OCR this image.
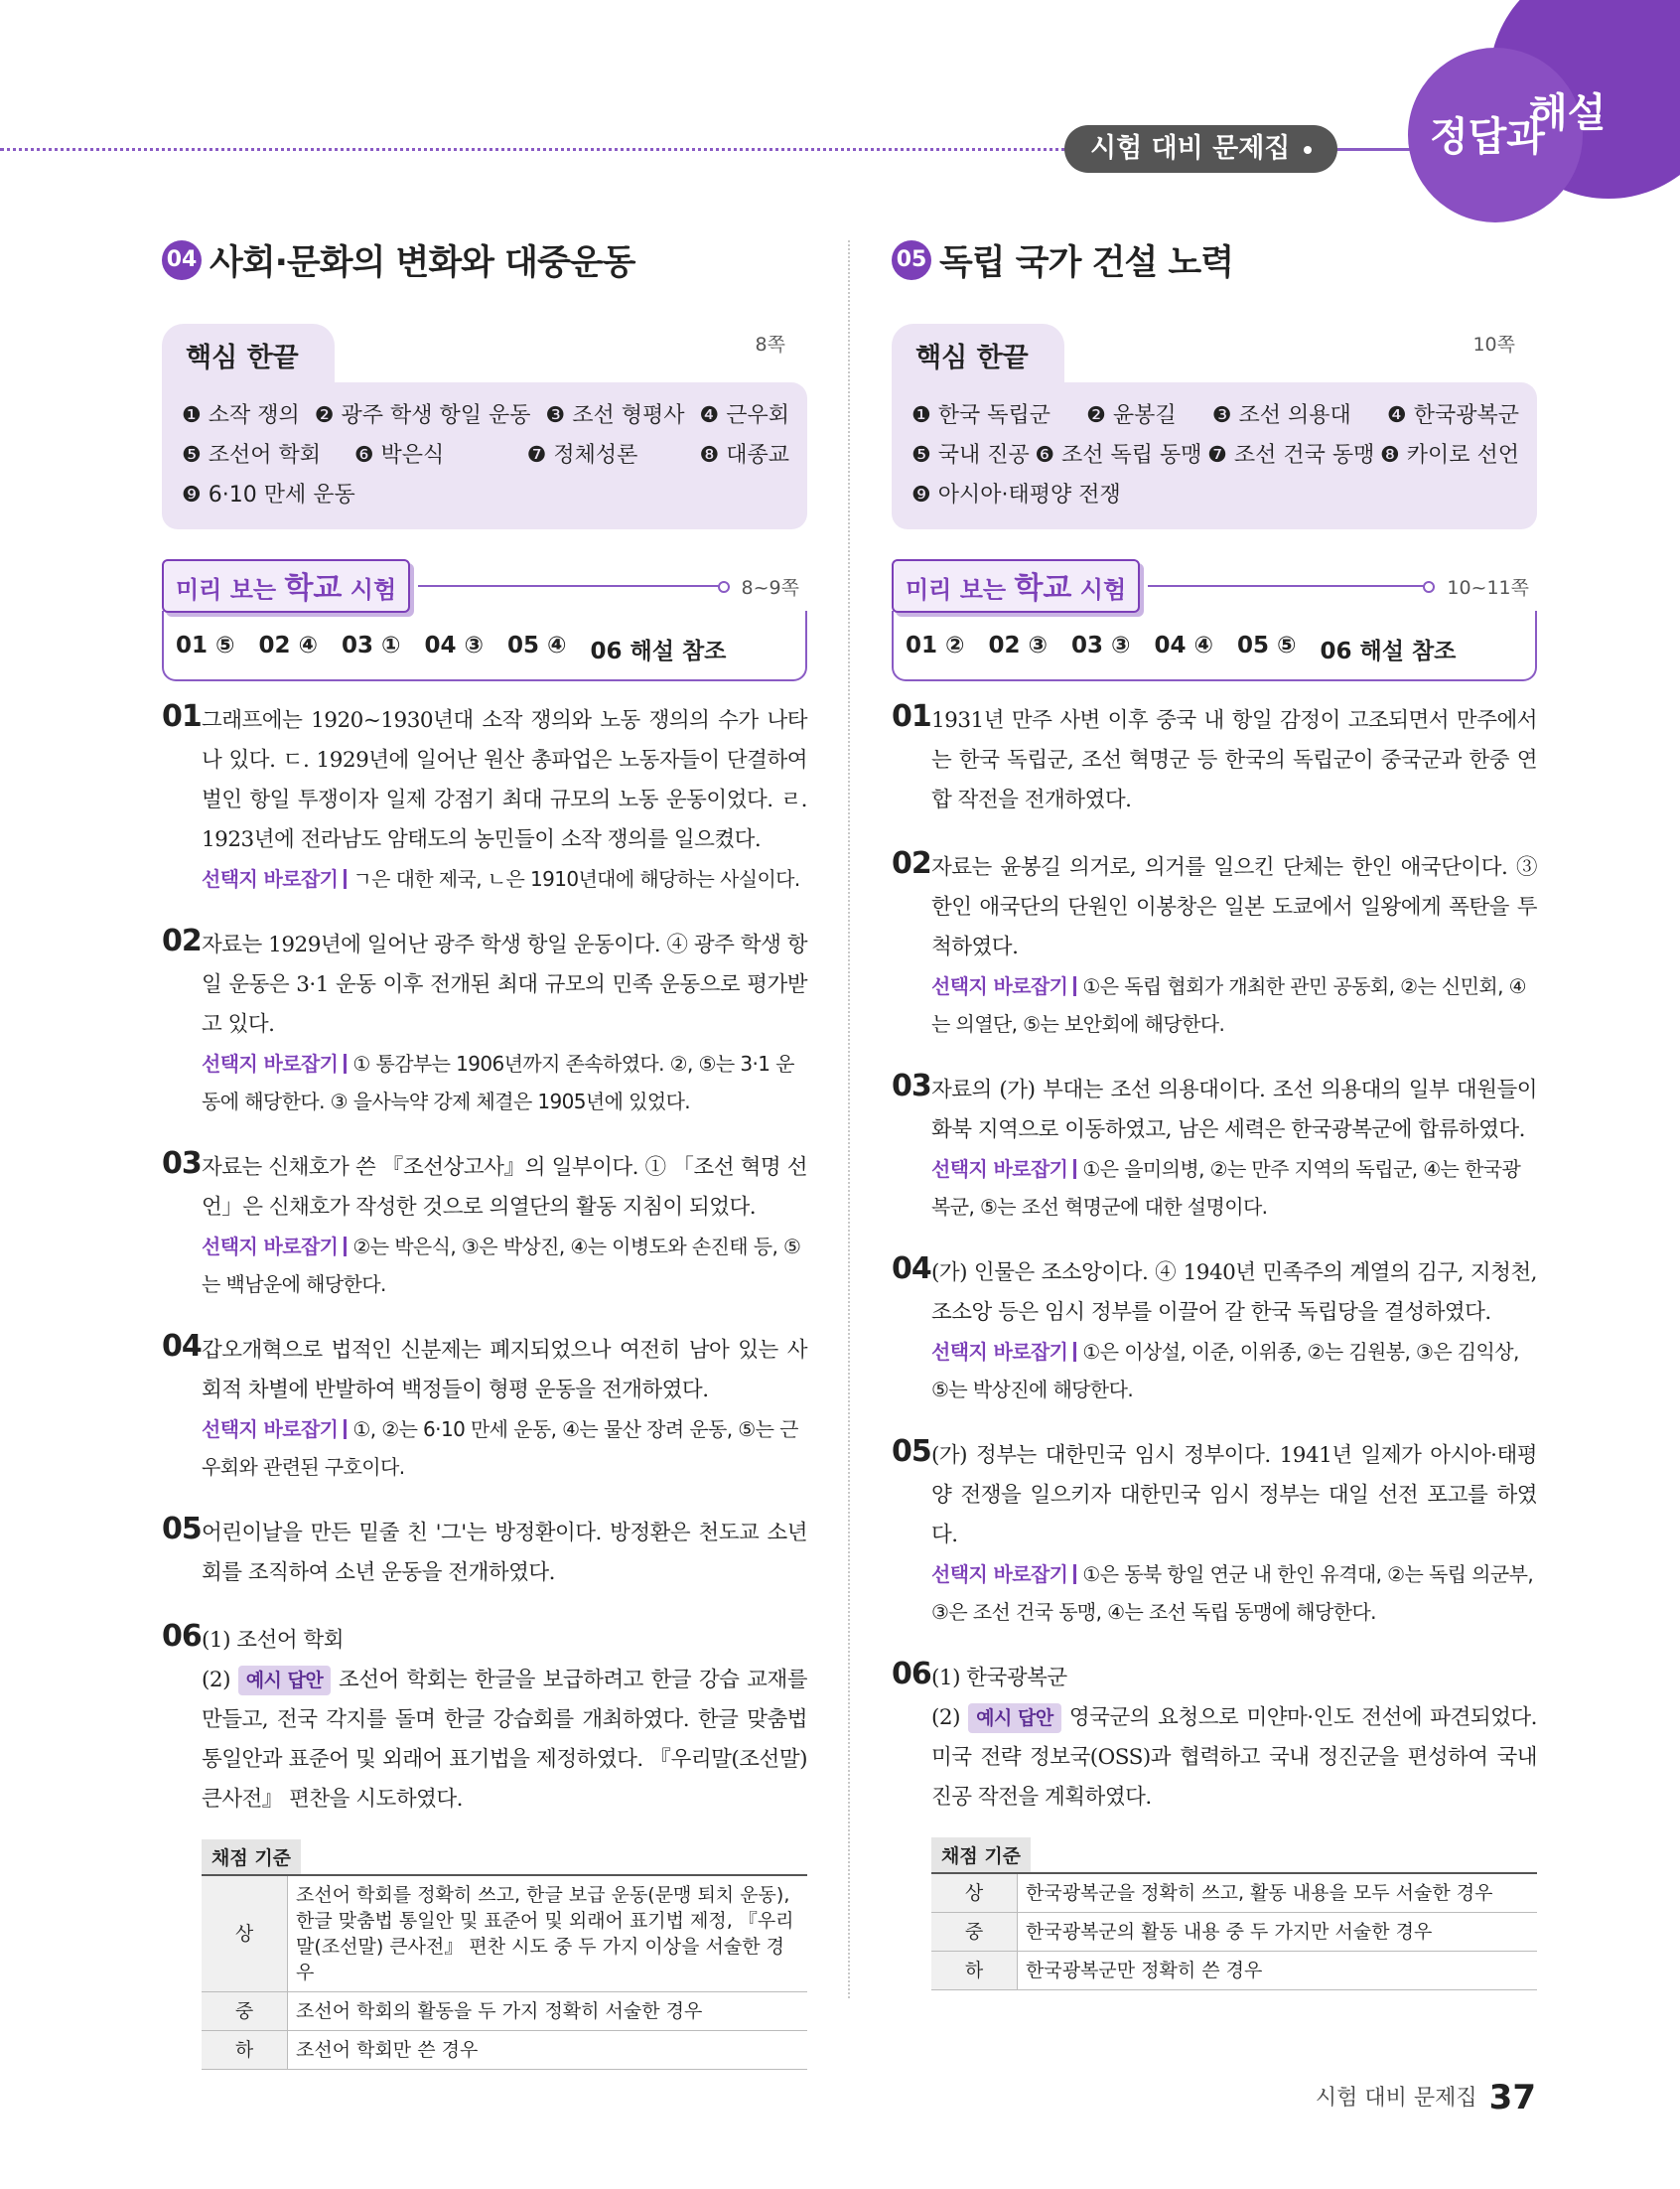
시험 대비 문제집	정답과
해설
04 사회·문화의 변화와 대중운동
핵심 한끝	8쪽
❶ 소작 쟁의 ❷ 광주 학생 항일 운동 ❸ 조선 형평사 ❹ 근우회
❺ 조선어 학회	❻ 박은식	❼ 정체성론	❽ 대종교
❾ 6·10 만세 운동
미리 보는 학교 시험	8~9쪽
01 ⑤ 02 ④ 03 ① 04 ③ 05 ④ 06 해설 참조
01 그래프에는 1920~1930년대 소작 쟁의와 노동 쟁의의 수가 나타나 있다. ㄷ. 1929년에 일어난 원산 총파업은 노동자들이 단결하여 벌인 항일 투쟁이자 일제 강점기 최대 규모의 노동 운동이었다. ㄹ. 1923년에 전라남도 암태도의 농민들이 소작 쟁의를 일으켰다.
선택지 바로잡기 ㄱ은 대한 제국, ㄴ은 1910년대에 해당하는 사실이다.
02 자료는 1929년에 일어난 광주 학생 항일 운동이다. ④ 광주 학생 항일 운동은 3·1 운동 이후 전개된 최대 규모의 민족 운동으로 평가받고 있다.
선택지 바로잡기 ① 통감부는 1906년까지 존속하였다. ②, ⑤는 3·1 운동에 해당한다. ③ 을사늑약 강제 체결은 1905년에 있었다.
03 자료는 신채호가 쓴 『조선상고사』의 일부이다. ① 「조선 혁명 선언」은 신채호가 작성한 것으로 의열단의 활동 지침이 되었다.
선택지 바로잡기 ②는 박은식, ③은 박상진, ④는 이병도와 손진태 등, ⑤는 백남운에 해당한다.
04 갑오개혁으로 법적인 신분제는 폐지되었으나 여전히 남아 있는 사회적 차별에 반발하여 백정들이 형평 운동을 전개하였다.
선택지 바로잡기 ①, ②는 6·10 만세 운동, ④는 물산 장려 운동, ⑤는 근우회와 관련된 구호이다.
05 어린이날을 만든 밑줄 친 '그'는 방정환이다. 방정환은 천도교 소년회를 조직하여 소년 운동을 전개하였다.
06 (1) 조선어 학회
(2) 예시 답안 조선어 학회는 한글을 보급하려고 한글 강습 교재를 만들고, 전국 각지를 돌며 한글 강습회를 개최하였다. 한글 맞춤법 통일안과 표준어 및 외래어 표기법을 제정하였다. 『우리말(조선말) 큰사전』 편찬을 시도하였다.
채점 기준
상	조선어 학회를 정확히 쓰고, 한글 보급 운동(문맹 퇴치 운동), 한글 맞춤법 통일안 및 표준어 및 외래어 표기법 제정, 『우리말(조선말) 큰사전』 편찬 시도 중 두 가지 이상을 서술한 경우
중	조선어 학회의 활동을 두 가지 정확히 서술한 경우
하	조선어 학회만 쓴 경우
05 독립 국가 건설 노력
핵심 한끝	10쪽
❶ 한국 독립군 ❷ 윤봉길 ❸ 조선 의용대 ❹ 한국광복군
❺ 국내 진공 ❻ 조선 독립 동맹 ❼ 조선 건국 동맹 ❽ 카이로 선언
❾ 아시아·태평양 전쟁
미리 보는 학교 시험	10~11쪽
01 ② 02 ③ 03 ③ 04 ④ 05 ⑤ 06 해설 참조
01 1931년 만주 사변 이후 중국 내 항일 감정이 고조되면서 만주에서는 한국 독립군, 조선 혁명군 등 한국의 독립군이 중국군과 한중 연합 작전을 전개하였다.
02 자료는 윤봉길 의거로, 의거를 일으킨 단체는 한인 애국단이다. ③ 한인 애국단의 단원인 이봉창은 일본 도쿄에서 일왕에게 폭탄을 투척하였다.
선택지 바로잡기 ①은 독립 협회가 개최한 관민 공동회, ②는 신민회, ④는 의열단, ⑤는 보안회에 해당한다.
03 자료의 (가) 부대는 조선 의용대이다. 조선 의용대의 일부 대원들이 화북 지역으로 이동하였고, 남은 세력은 한국광복군에 합류하였다.
선택지 바로잡기 ①은 을미의병, ②는 만주 지역의 독립군, ④는 한국광복군, ⑤는 조선 혁명군에 대한 설명이다.
04 (가) 인물은 조소앙이다. ④ 1940년 민족주의 계열의 김구, 지청천, 조소앙 등은 임시 정부를 이끌어 갈 한국 독립당을 결성하였다.
선택지 바로잡기 ①은 이상설, 이준, 이위종, ②는 김원봉, ③은 김익상, ⑤는 박상진에 해당한다.
05 (가) 정부는 대한민국 임시 정부이다. 1941년 일제가 아시아·태평양 전쟁을 일으키자 대한민국 임시 정부는 대일 선전 포고를 하였다.
선택지 바로잡기 ①은 동북 항일 연군 내 한인 유격대, ②는 독립 의군부, ③은 조선 건국 동맹, ④는 조선 독립 동맹에 해당한다.
06 (1) 한국광복군
(2) 예시 답안 영국군의 요청으로 미얀마·인도 전선에 파견되었다. 미국 전략 정보국(OSS)과 협력하고 국내 정진군을 편성하여 국내 진공 작전을 계획하였다.
채점 기준
상	한국광복군을 정확히 쓰고, 활동 내용을 모두 서술한 경우
중	한국광복군의 활동 내용 중 두 가지만 서술한 경우
하	한국광복군만 정확히 쓴 경우
시험 대비 문제집 37
